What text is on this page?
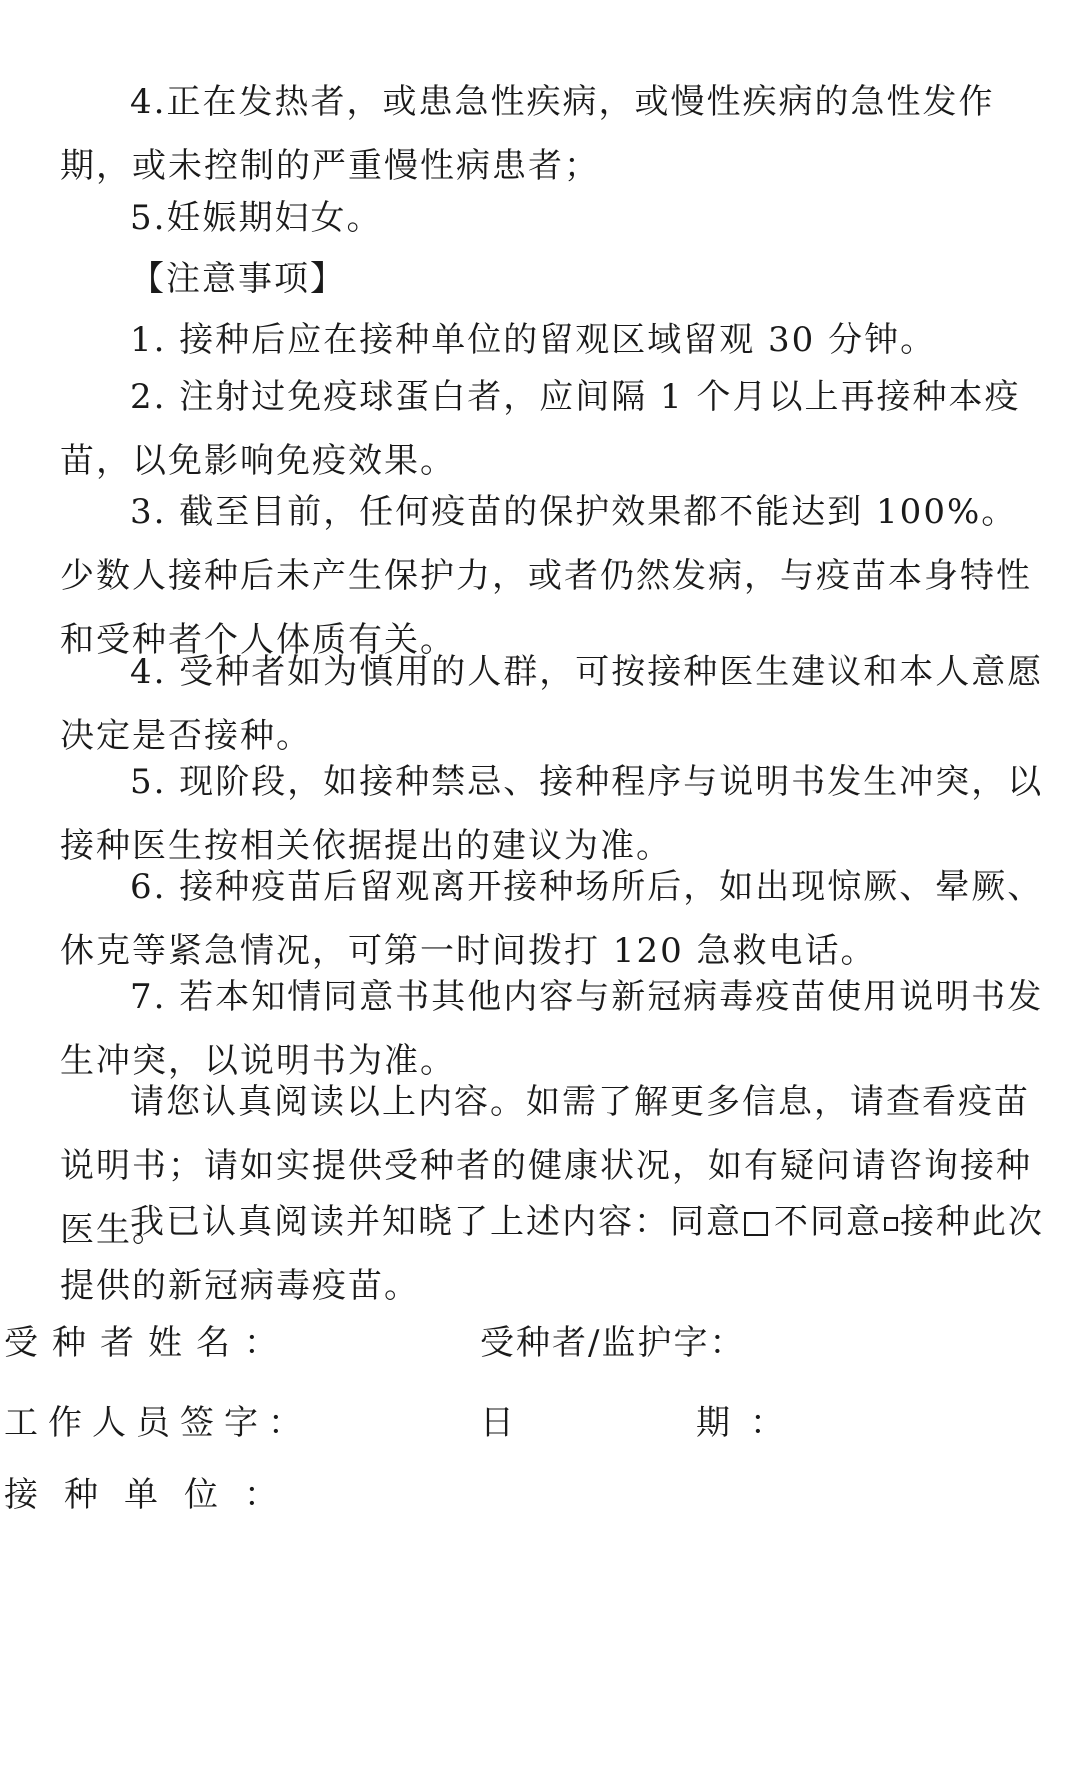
4.正在发热者，或患急性疾病，或慢性疾病的急性发作期，或未控制的严重慢性病患者；

5.妊娠期妇女。

【注意事项】

1. 接种后应在接种单位的留观区域留观 30 分钟。

2. 注射过免疫球蛋白者，应间隔 1 个月以上再接种本疫苗，以免影响免疫效果。

3. 截至目前，任何疫苗的保护效果都不能达到 100%。少数人接种后未产生保护力，或者仍然发病，与疫苗本身特性和受种者个人体质有关。

4. 受种者如为慎用的人群，可按接种医生建议和本人意愿决定是否接种。

5. 现阶段，如接种禁忌、接种程序与说明书发生冲突，以接种医生按相关依据提出的建议为准。

6. 接种疫苗后留观离开接种场所后，如出现惊厥、晕厥、休克等紧急情况，可第一时间拨打 120 急救电话。

7. 若本知情同意书其他内容与新冠病毒疫苗使用说明书发生冲突，以说明书为准。

请您认真阅读以上内容。如需了解更多信息，请查看疫苗说明书；请如实提供受种者的健康状况，如有疑问请咨询接种医生。

我已认真阅读并知晓了上述内容：同意 不同意 接种此次提供的新冠病毒疫苗。

受种者姓名：	受种者/监护字：

工作人员签字：	日　　　期：

接种单位：
